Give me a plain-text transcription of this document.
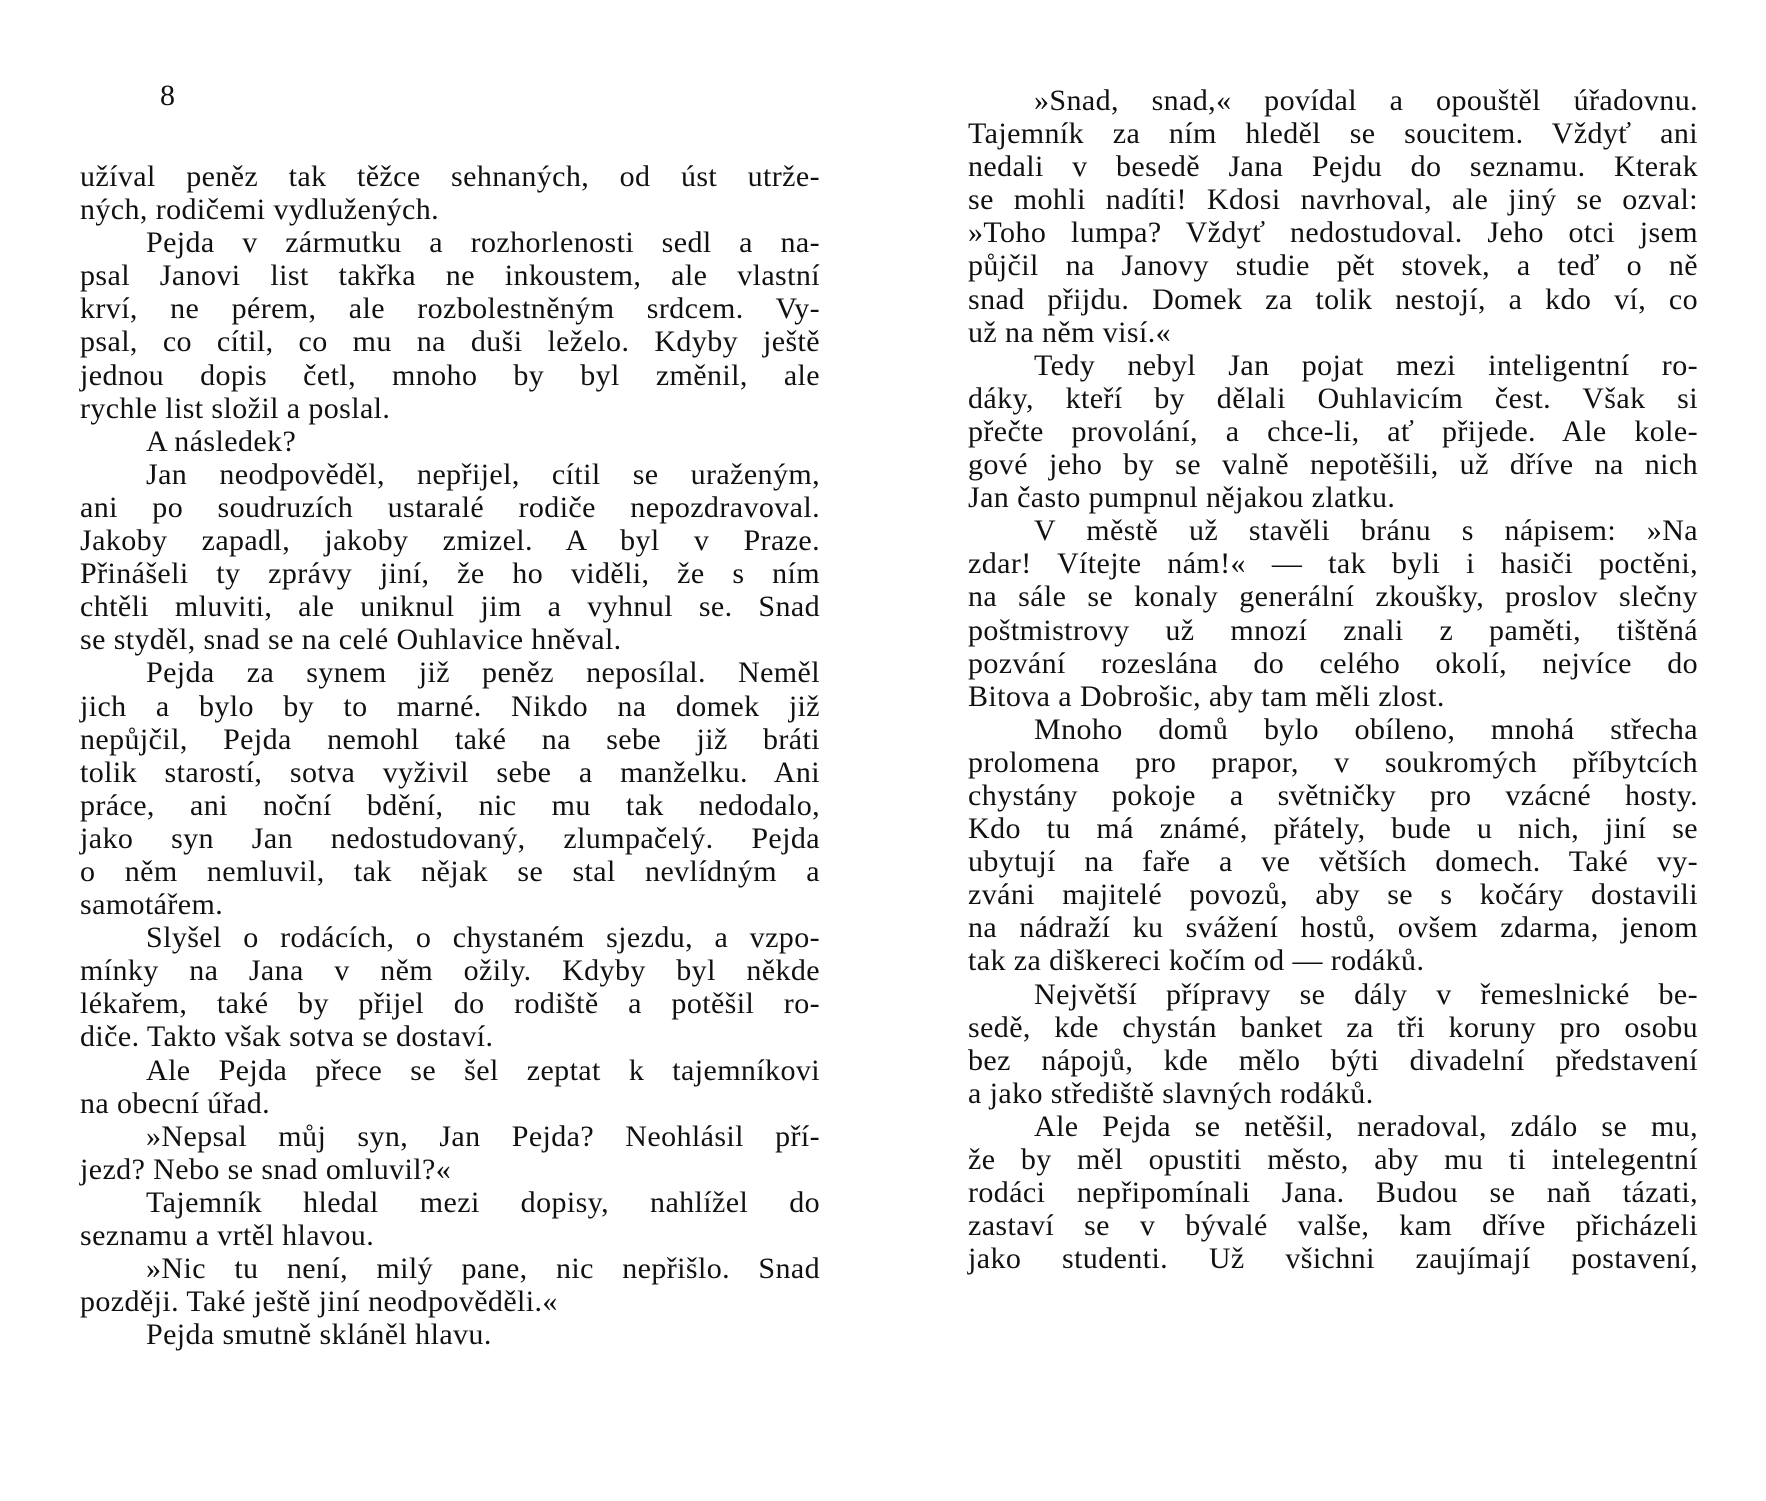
8
užíval peněz tak těžce sehnaných, od úst utrže-
ných, rodičemi vydlužených.
Pejda v zármutku a rozhorlenosti sedl a na-
psal Janovi list takřka ne inkoustem, ale vlastní
krví, ne pérem, ale rozbolestněným srdcem. Vy-
psal, co cítil, co mu na duši leželo. Kdyby ještě
jednou dopis četl, mnoho by byl změnil, ale
rychle list složil a poslal.
A následek?
Jan neodpověděl, nepřijel, cítil se uraženým,
ani po soudruzích ustaralé rodiče nepozdravoval.
Jakoby zapadl, jakoby zmizel. A byl v Praze.
Přinášeli ty zprávy jiní, že ho viděli, že s ním
chtěli mluviti, ale uniknul jim a vyhnul se. Snad
se styděl, snad se na celé Ouhlavice hněval.
Pejda za synem již peněz neposílal. Neměl
jich a bylo by to marné. Nikdo na domek již
nepůjčil, Pejda nemohl také na sebe již bráti
tolik starostí, sotva vyživil sebe a manželku. Ani
práce, ani noční bdění, nic mu tak nedodalo,
jako syn Jan nedostudovaný, zlumpačelý. Pejda
o něm nemluvil, tak nějak se stal nevlídným a
samotářem.
Slyšel o rodácích, o chystaném sjezdu, a vzpo-
mínky na Jana v něm ožily. Kdyby byl někde
lékařem, také by přijel do rodiště a potěšil ro-
diče. Takto však sotva se dostaví.
Ale Pejda přece se šel zeptat k tajemníkovi
na obecní úřad.
»Nepsal můj syn, Jan Pejda? Neohlásil pří-
jezd? Nebo se snad omluvil?«
Tajemník hledal mezi dopisy, nahlížel do
seznamu a vrtěl hlavou.
»Nic tu není, milý pane, nic nepřišlo. Snad
později. Také ještě jiní neodpověděli.«
Pejda smutně skláněl hlavu.
»Snad, snad,« povídal a opouštěl úřadovnu.
Tajemník za ním hleděl se soucitem. Vždyť ani
nedali v besedě Jana Pejdu do seznamu. Kterak
se mohli nadíti! Kdosi navrhoval, ale jiný se ozval:
»Toho lumpa? Vždyť nedostudoval. Jeho otci jsem
půjčil na Janovy studie pět stovek, a teď o ně
snad přijdu. Domek za tolik nestojí, a kdo ví, co
už na něm visí.«
Tedy nebyl Jan pojat mezi inteligentní ro-
dáky, kteří by dělali Ouhlavicím čest. Však si
přečte provolání, a chce-li, ať přijede. Ale kole-
gové jeho by se valně nepotěšili, už dříve na nich
Jan často pumpnul nějakou zlatku.
V městě už stavěli bránu s nápisem: »Na
zdar! Vítejte nám!« — tak byli i hasiči poctěni,
na sále se konaly generální zkoušky, proslov slečny
poštmistrovy už mnozí znali z paměti, tištěná
pozvání rozeslána do celého okolí, nejvíce do
Bitova a Dobrošic, aby tam měli zlost.
Mnoho domů bylo obíleno, mnohá střecha
prolomena pro prapor, v soukromých příbytcích
chystány pokoje a světničky pro vzácné hosty.
Kdo tu má známé, přátely, bude u nich, jiní se
ubytují na faře a ve větších domech. Také vy-
zváni majitelé povozů, aby se s kočáry dostavili
na nádraží ku svážení hostů, ovšem zdarma, jenom
tak za diškereci kočím od — rodáků.
Největší přípravy se dály v řemeslnické be-
sedě, kde chystán banket za tři koruny pro osobu
bez nápojů, kde mělo býti divadelní představení
a jako střediště slavných rodáků.
Ale Pejda se netěšil, neradoval, zdálo se mu,
že by měl opustiti město, aby mu ti intelegentní
rodáci nepřipomínali Jana. Budou se naň tázati,
zastaví se v bývalé valše, kam dříve přicházeli
jako studenti. Už všichni zaujímají postavení,
